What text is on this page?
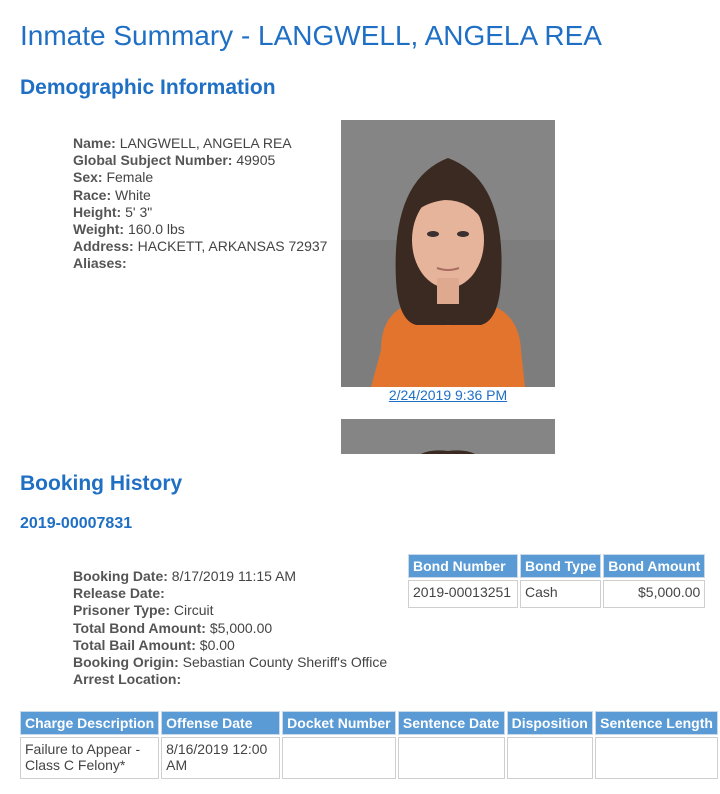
Inmate Summary - LANGWELL, ANGELA REA
Demographic Information
Name: LANGWELL, ANGELA REA
Global Subject Number: 49905
Sex: Female
Race: White
Height: 5' 3"
Weight: 160.0 lbs
Address: HACKETT, ARKANSAS 72937
Aliases:
2/24/2019 9:36 PM
Booking History
2019-00007831
Booking Date: 8/17/2019 11:15 AM
Release Date:
Prisoner Type: Circuit
Total Bond Amount: $5,000.00
Total Bail Amount: $0.00
Booking Origin: Sebastian County Sheriff's Office
Arrest Location:
Bond Number	Bond Type	Bond Amount
2019-00013251	Cash	$5,000.00
Charge Description	Offense Date	Docket Number	Sentence Date	Disposition	Sentence Length
Failure to Appear - Class C Felony*	8/16/2019 12:00 AM				
